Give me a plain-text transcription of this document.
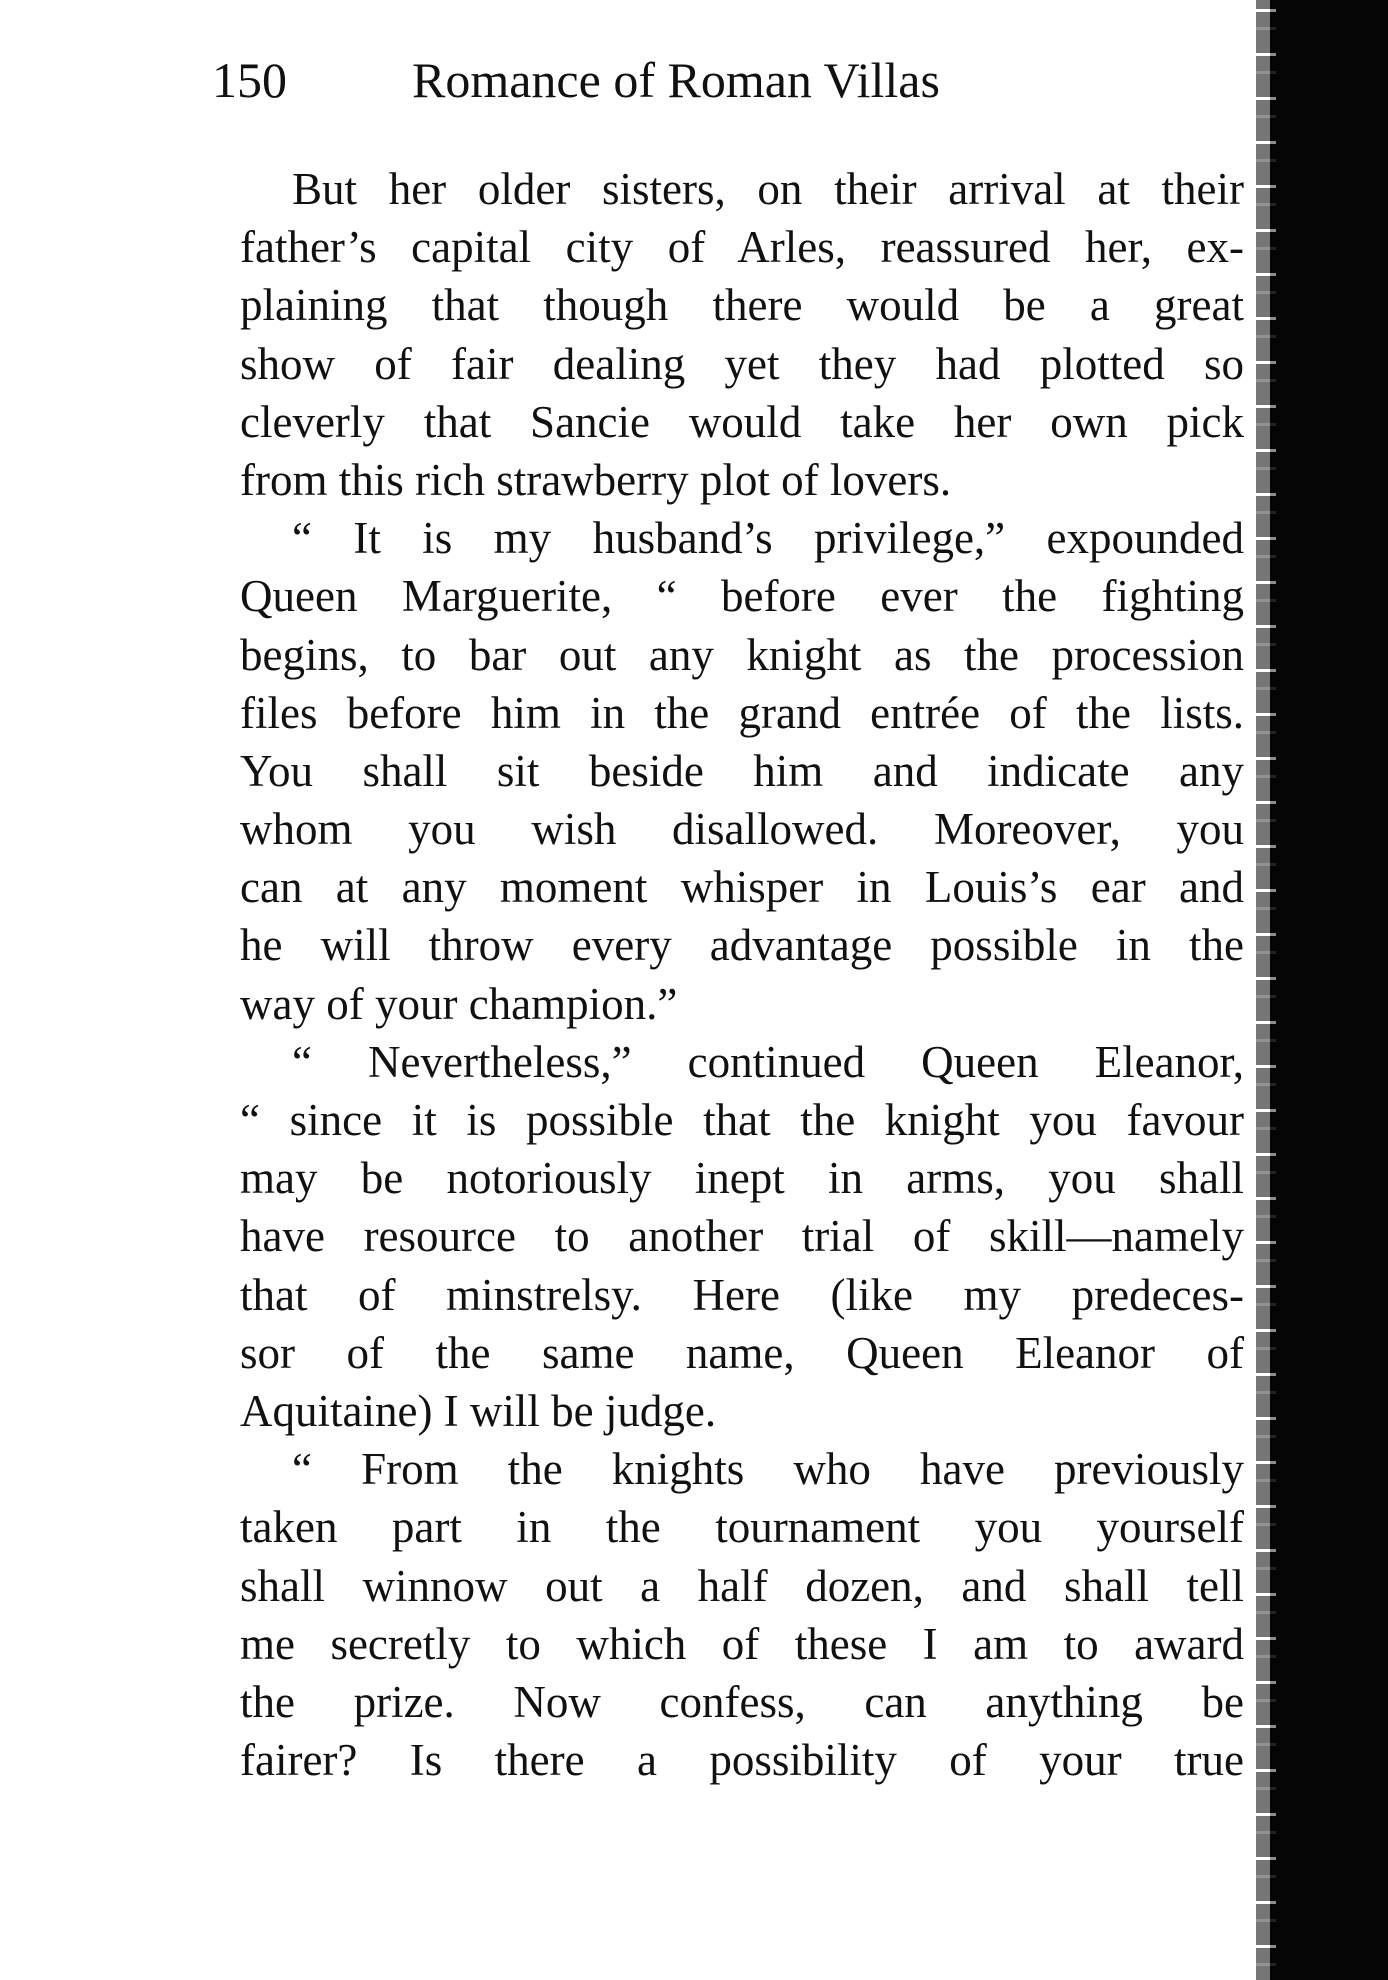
150	Romance of Roman Villas
But her older sisters, on their arrival at their
father’s capital city of Arles, reassured her, ex-
plaining that though there would be a great
show of fair dealing yet they had plotted so
cleverly that Sancie would take her own pick
from this rich strawberry plot of lovers.
“ It is my husband’s privilege,” expounded
Queen Marguerite, “ before ever the fighting
begins, to bar out any knight as the procession
files before him in the grand entrée of the lists.
You shall sit beside him and indicate any
whom you wish disallowed. Moreover, you
can at any moment whisper in Louis’s ear and
he will throw every advantage possible in the
way of your champion.”
“ Nevertheless,” continued Queen Eleanor,
“ since it is possible that the knight you favour
may be notoriously inept in arms, you shall
have resource to another trial of skill—namely
that of minstrelsy. Here (like my predeces-
sor of the same name, Queen Eleanor of
Aquitaine) I will be judge.
“ From the knights who have previously
taken part in the tournament you yourself
shall winnow out a half dozen, and shall tell
me secretly to which of these I am to award
the prize. Now confess, can anything be
fairer? Is there a possibility of your true
